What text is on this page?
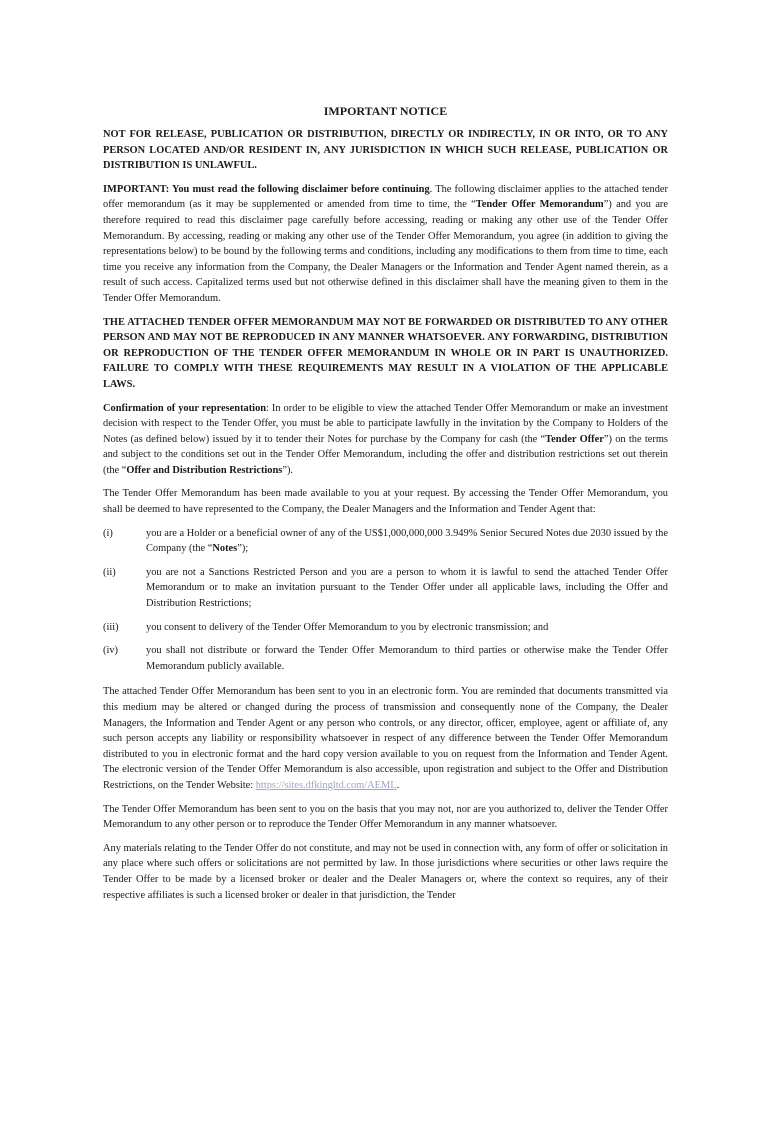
IMPORTANT NOTICE

NOT FOR RELEASE, PUBLICATION OR DISTRIBUTION, DIRECTLY OR INDIRECTLY, IN OR INTO, OR TO ANY PERSON LOCATED AND/OR RESIDENT IN, ANY JURISDICTION IN WHICH SUCH RELEASE, PUBLICATION OR DISTRIBUTION IS UNLAWFUL.

IMPORTANT: You must read the following disclaimer before continuing. The following disclaimer applies to the attached tender offer memorandum (as it may be supplemented or amended from time to time, the “Tender Offer Memorandum”) and you are therefore required to read this disclaimer page carefully before accessing, reading or making any other use of the Tender Offer Memorandum. By accessing, reading or making any other use of the Tender Offer Memorandum, you agree (in addition to giving the representations below) to be bound by the following terms and conditions, including any modifications to them from time to time, each time you receive any information from the Company, the Dealer Managers or the Information and Tender Agent named therein, as a result of such access. Capitalized terms used but not otherwise defined in this disclaimer shall have the meaning given to them in the Tender Offer Memorandum.

THE ATTACHED TENDER OFFER MEMORANDUM MAY NOT BE FORWARDED OR DISTRIBUTED TO ANY OTHER PERSON AND MAY NOT BE REPRODUCED IN ANY MANNER WHATSOEVER. ANY FORWARDING, DISTRIBUTION OR REPRODUCTION OF THE TENDER OFFER MEMORANDUM IN WHOLE OR IN PART IS UNAUTHORIZED. FAILURE TO COMPLY WITH THESE REQUIREMENTS MAY RESULT IN A VIOLATION OF THE APPLICABLE LAWS.

Confirmation of your representation: In order to be eligible to view the attached Tender Offer Memorandum or make an investment decision with respect to the Tender Offer, you must be able to participate lawfully in the invitation by the Company to Holders of the Notes (as defined below) issued by it to tender their Notes for purchase by the Company for cash (the “Tender Offer”) on the terms and subject to the conditions set out in the Tender Offer Memorandum, including the offer and distribution restrictions set out therein (the “Offer and Distribution Restrictions”).

The Tender Offer Memorandum has been made available to you at your request. By accessing the Tender Offer Memorandum, you shall be deemed to have represented to the Company, the Dealer Managers and the Information and Tender Agent that:

(i)	you are a Holder or a beneficial owner of any of the US$1,000,000,000 3.949% Senior Secured Notes due 2030 issued by the Company (the “Notes”);
(ii)	you are not a Sanctions Restricted Person and you are a person to whom it is lawful to send the attached Tender Offer Memorandum or to make an invitation pursuant to the Tender Offer under all applicable laws, including the Offer and Distribution Restrictions;
(iii)	you consent to delivery of the Tender Offer Memorandum to you by electronic transmission; and
(iv)	you shall not distribute or forward the Tender Offer Memorandum to third parties or otherwise make the Tender Offer Memorandum publicly available.

The attached Tender Offer Memorandum has been sent to you in an electronic form. You are reminded that documents transmitted via this medium may be altered or changed during the process of transmission and consequently none of the Company, the Dealer Managers, the Information and Tender Agent or any person who controls, or any director, officer, employee, agent or affiliate of, any such person accepts any liability or responsibility whatsoever in respect of any difference between the Tender Offer Memorandum distributed to you in electronic format and the hard copy version available to you on request from the Information and Tender Agent. The electronic version of the Tender Offer Memorandum is also accessible, upon registration and subject to the Offer and Distribution Restrictions, on the Tender Website: https://sites.dfkingltd.com/AEML.

The Tender Offer Memorandum has been sent to you on the basis that you may not, nor are you authorized to, deliver the Tender Offer Memorandum to any other person or to reproduce the Tender Offer Memorandum in any manner whatsoever.

Any materials relating to the Tender Offer do not constitute, and may not be used in connection with, any form of offer or solicitation in any place where such offers or solicitations are not permitted by law. In those jurisdictions where securities or other laws require the Tender Offer to be made by a licensed broker or dealer and the Dealer Managers or, where the context so requires, any of their respective affiliates is such a licensed broker or dealer in that jurisdiction, the Tender
